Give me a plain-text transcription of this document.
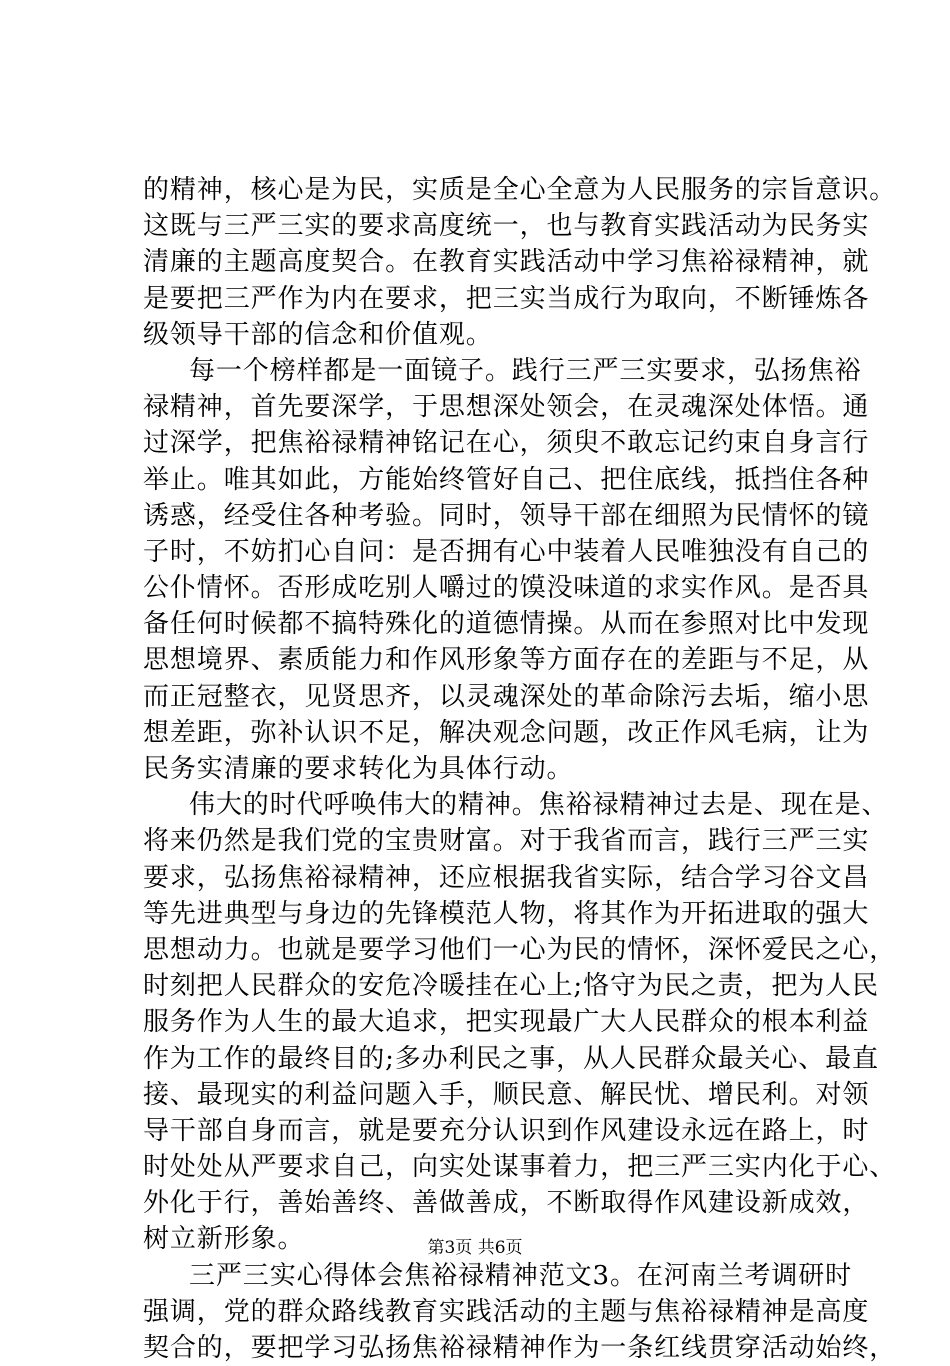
的精神，核心是为民，实质是全心全意为人民服务的宗旨意识。
这既与三严三实的要求高度统一，也与教育实践活动为民务实
清廉的主题高度契合。在教育实践活动中学习焦裕禄精神，就
是要把三严作为内在要求，把三实当成行为取向，不断锤炼各
级领导干部的信念和价值观。
每一个榜样都是一面镜子。践行三严三实要求，弘扬焦裕
禄精神，首先要深学，于思想深处领会，在灵魂深处体悟。通
过深学，把焦裕禄精神铭记在心，须臾不敢忘记约束自身言行
举止。唯其如此，方能始终管好自己、把住底线，抵挡住各种
诱惑，经受住各种考验。同时，领导干部在细照为民情怀的镜
子时，不妨扪心自问：是否拥有心中装着人民唯独没有自己的
公仆情怀。否形成吃别人嚼过的馍没味道的求实作风。是否具
备任何时候都不搞特殊化的道德情操。从而在参照对比中发现
思想境界、素质能力和作风形象等方面存在的差距与不足，从
而正冠整衣，见贤思齐，以灵魂深处的革命除污去垢，缩小思
想差距，弥补认识不足，解决观念问题，改正作风毛病，让为
民务实清廉的要求转化为具体行动。
伟大的时代呼唤伟大的精神。焦裕禄精神过去是、现在是、
将来仍然是我们党的宝贵财富。对于我省而言，践行三严三实
要求，弘扬焦裕禄精神，还应根据我省实际，结合学习谷文昌
等先进典型与身边的先锋模范人物，将其作为开拓进取的强大
思想动力。也就是要学习他们一心为民的情怀，深怀爱民之心，
时刻把人民群众的安危冷暖挂在心上;恪守为民之责，把为人民
服务作为人生的最大追求，把实现最广大人民群众的根本利益
作为工作的最终目的;多办利民之事，从人民群众最关心、最直
接、最现实的利益问题入手，顺民意、解民忧、增民利。对领
导干部自身而言，就是要充分认识到作风建设永远在路上，时
时处处从严要求自己，向实处谋事着力，把三严三实内化于心、
外化于行，善始善终、善做善成，不断取得作风建设新成效，
树立新形象。
三严三实心得体会焦裕禄精神范文3。在河南兰考调研时
强调，党的群众路线教育实践活动的主题与焦裕禄精神是高度
契合的，要把学习弘扬焦裕禄精神作为一条红线贯穿活动始终，
第3页 共6页
